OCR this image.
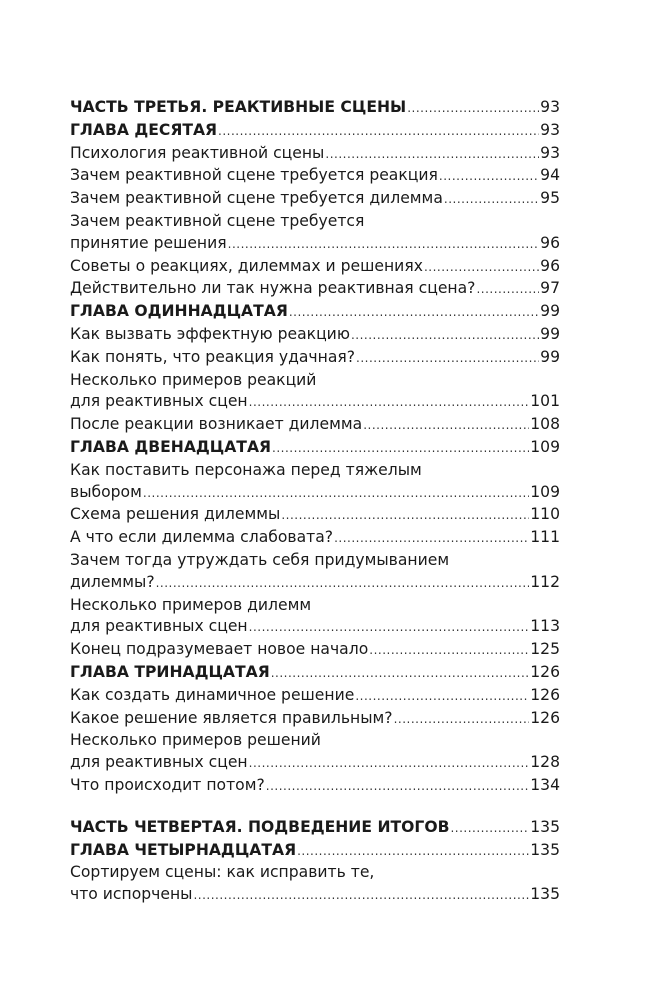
ЧАСТЬ ТРЕТЬЯ. РЕАКТИВНЫЕ СЦЕНЫ .....	93
ГЛАВА ДЕСЯТАЯ .....	93
Психология реактивной сцены .....	93
Зачем реактивной сцене требуется реакция .....	94
Зачем реактивной сцене требуется дилемма .....	95
Зачем реактивной сцене требуется
принятие решения .....	96
Советы о реакциях, дилеммах и решениях .....	96
Действительно ли так нужна реактивная сцена? .....	97
ГЛАВА ОДИННАДЦАТАЯ .....	99
Как вызвать эффектную реакцию .....	99
Как понять, что реакция удачная? .....	99
Несколько примеров реакций
для реактивных сцен .....	101
После реакции возникает дилемма .....	108
ГЛАВА ДВЕНАДЦАТАЯ .....	109
Как поставить персонажа перед тяжелым
выбором .....	109
Схема решения дилеммы .....	110
А что если дилемма слабовата? .....	111
Зачем тогда утруждать себя придумыванием
дилеммы? .....	112
Несколько примеров дилемм
для реактивных сцен .....	113
Конец подразумевает новое начало .....	125
ГЛАВА ТРИНАДЦАТАЯ .....	126
Как создать динамичное решение .....	126
Какое решение является правильным? .....	126
Несколько примеров решений
для реактивных сцен .....	128
Что происходит потом? .....	134
ЧАСТЬ ЧЕТВЕРТАЯ. ПОДВЕДЕНИЕ ИТОГОВ .....	135
ГЛАВА ЧЕТЫРНАДЦАТАЯ .....	135
Сортируем сцены: как исправить те,
что испорчены .....	135
